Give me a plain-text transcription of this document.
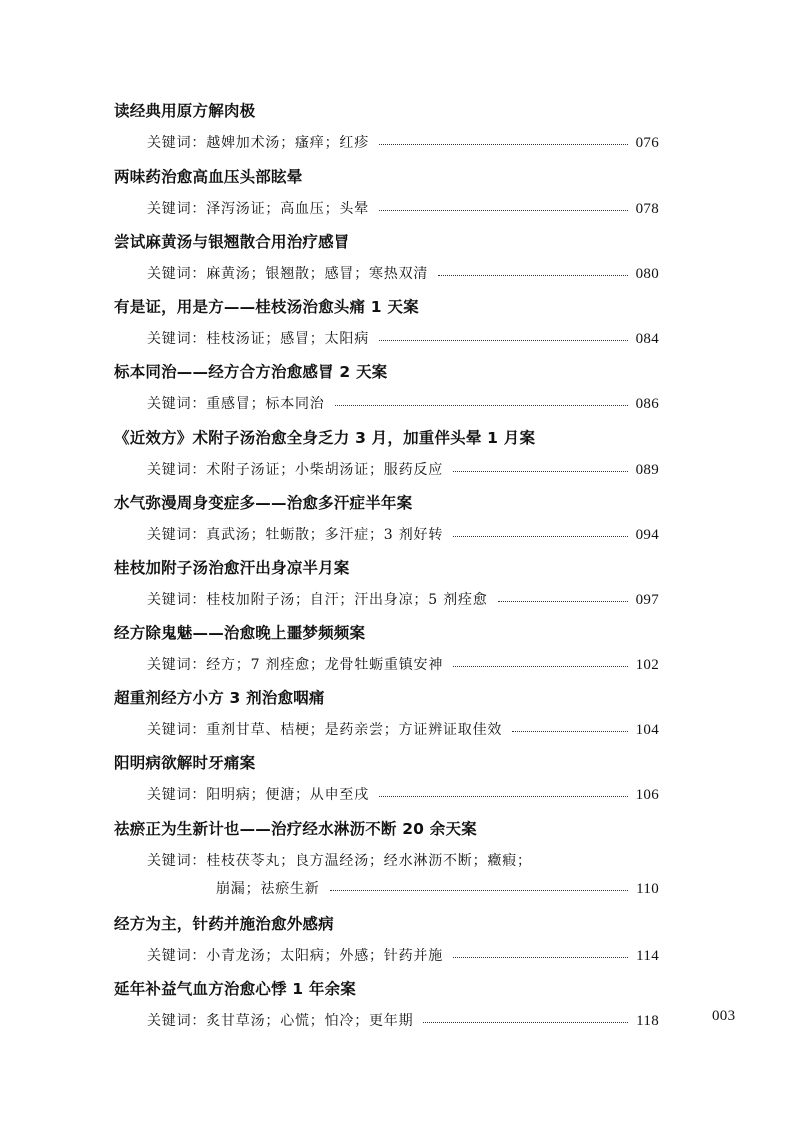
读经典用原方解肉极
关键词： 越婢加术汤；瘙痒；红疹	076
两味药治愈高血压头部眩晕
关键词： 泽泻汤证；高血压；头晕	078
尝试麻黄汤与银翘散合用治疗感冒
关键词： 麻黄汤；银翘散；感冒；寒热双清	080
有是证，用是方——桂枝汤治愈头痛 1 天案
关键词： 桂枝汤证；感冒；太阳病	084
标本同治——经方合方治愈感冒 2 天案
关键词： 重感冒；标本同治	086
《近效方》术附子汤治愈全身乏力 3 月，加重伴头晕 1 月案
关键词： 术附子汤证；小柴胡汤证；服药反应	089
水气弥漫周身变症多——治愈多汗症半年案
关键词： 真武汤；牡蛎散；多汗症；3 剂好转	094
桂枝加附子汤治愈汗出身凉半月案
关键词： 桂枝加附子汤；自汗；汗出身凉；5 剂痊愈	097
经方除鬼魅——治愈晚上噩梦频频案
关键词： 经方；7 剂痊愈；龙骨牡蛎重镇安神	102
超重剂经方小方 3 剂治愈咽痛
关键词： 重剂甘草、桔梗；是药亲尝；方证辨证取佳效	104
阳明病欲解时牙痛案
关键词： 阳明病；便溏；从申至戌	106
祛瘀正为生新计也——治疗经水淋沥不断 20 余天案
关键词： 桂枝茯苓丸；良方温经汤；经水淋沥不断；癥瘕；
崩漏；祛瘀生新	110
经方为主，针药并施治愈外感病
关键词： 小青龙汤；太阳病；外感；针药并施	114
延年补益气血方治愈心悸 1 年余案
关键词： 炙甘草汤；心慌；怕冷；更年期	118	003
